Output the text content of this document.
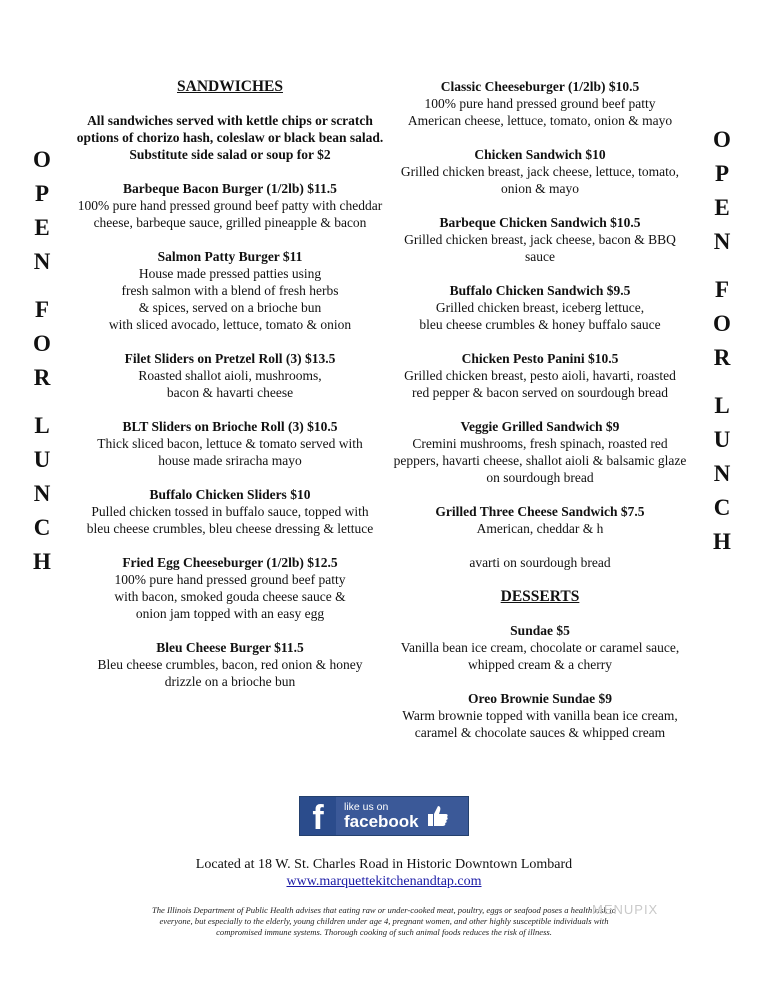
O
P
E
N
F
O
R
L
U
N
C
H
O
P
E
N
F
O
R
L
U
N
C
H
SANDWICHES
All sandwiches served with kettle chips or scratch options of chorizo hash, coleslaw or black bean salad.
Substitute side salad or soup for $2
Barbeque Bacon Burger (1/2lb) $11.5
100% pure hand pressed ground beef patty with cheddar cheese, barbeque sauce, grilled pineapple & bacon
Salmon Patty Burger $11
House made pressed patties using
fresh salmon with a blend of fresh herbs
& spices, served on a brioche bun
with sliced avocado, lettuce, tomato & onion
Filet Sliders on Pretzel Roll (3) $13.5
Roasted shallot aioli, mushrooms,
bacon & havarti cheese
BLT Sliders on Brioche Roll (3) $10.5
Thick sliced bacon, lettuce & tomato served with
house made sriracha mayo
Buffalo Chicken Sliders $10
Pulled chicken tossed in buffalo sauce, topped with
bleu cheese crumbles, bleu cheese dressing & lettuce
Fried Egg Cheeseburger (1/2lb) $12.5
100% pure hand pressed ground beef patty
with bacon, smoked gouda cheese sauce &
onion jam topped with an easy egg
Bleu Cheese Burger $11.5
Bleu cheese crumbles, bacon, red onion & honey
drizzle on a brioche bun
Classic Cheeseburger (1/2lb) $10.5
100% pure hand pressed ground beef patty
American cheese, lettuce, tomato, onion & mayo
Chicken Sandwich $10
Grilled chicken breast, jack cheese, lettuce, tomato,
onion & mayo
Barbeque Chicken Sandwich $10.5
Grilled chicken breast, jack cheese, bacon & BBQ
sauce
Buffalo Chicken Sandwich $9.5
Grilled chicken breast, iceberg lettuce,
bleu cheese crumbles & honey buffalo sauce
Chicken Pesto Panini $10.5
Grilled chicken breast, pesto aioli, havarti, roasted
red pepper & bacon served on sourdough bread
Veggie Grilled Sandwich $9
Cremini mushrooms, fresh spinach, roasted red
peppers, havarti cheese, shallot aioli & balsamic glaze
on sourdough bread
Grilled Three Cheese Sandwich $7.5
American, cheddar & h
avarti on sourdough bread
DESSERTS
Sundae $5
Vanilla bean ice cream, chocolate or caramel sauce,
whipped cream & a cherry
Oreo Brownie Sundae $9
Warm brownie topped with vanilla bean ice cream,
caramel & chocolate sauces & whipped cream
f	like us on
facebook
Located at 18 W. St. Charles Road in Historic Downtown Lombard
www.marquettekitchenandtap.com
The Illinois Department of Public Health advises that eating raw or under-cooked meat, poultry, eggs or seafood poses a health risk to everyone, but especially to the elderly, young children under age 4, pregnant women, and other highly susceptible individuals with compromised immune systems. Thorough cooking of such animal foods reduces the risk of illness.
MENUPIX
